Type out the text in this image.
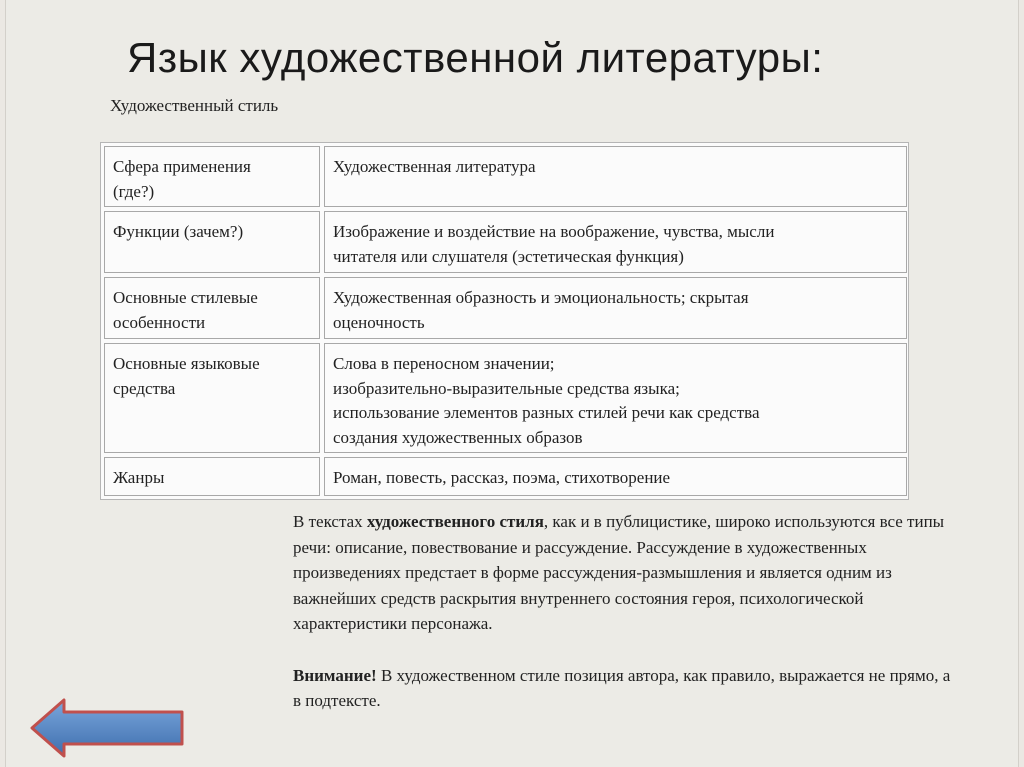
Язык художественной литературы:
Художественный стиль
Сфера применения
(где?)
Художественная литература
Функции (зачем?)	Изображение и воздействие на воображение, чувства, мысли
читателя или слушателя (эстетическая функция)
Основные стилевые
особенности
Художественная образность и эмоциональность; скрытая
оценочность
Основные языковые
средства
Слова в переносном значении;
изобразительно-выразительные средства языка;
использование элементов разных стилей речи как средства
создания художественных образов
Жанры	Роман, повесть, рассказ, поэма, стихотворение

В текстах художественного стиля, как и в публицистике, широко используются все типы
речи: описание, повествование и рассуждение. Рассуждение в художественных
произведениях предстает в форме рассуждения-размышления и является одним из
важнейших средств раскрытия внутреннего состояния героя, психологической
характеристики персонажа.

Внимание! В художественном стиле позиция автора, как правило, выражается не прямо, а
в подтексте.
